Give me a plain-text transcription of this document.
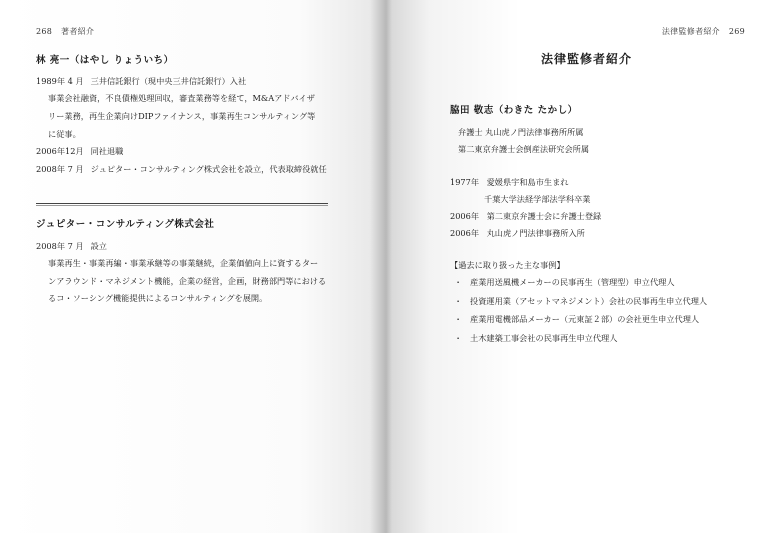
268 著者紹介
林 亮一（はやし りょういち）
1989年 4 月 三井信託銀行（現中央三井信託銀行）入社
事業会社融資，不良債権処理回収，審査業務等を経て，M&Aアドバイザ
リー業務，再生企業向けDIPファイナンス，事業再生コンサルティング等
に従事。
2006年12月 同社退職
2008年 7 月 ジュピター・コンサルティング株式会社を設立，代表取締役就任
ジュピター・コンサルティング株式会社
2008年 7 月 設立
事業再生・事業再編・事業承継等の事業継続，企業価値向上に資するター
ンアラウンド・マネジメント機能，企業の経営，企画，財務部門等における
るコ・ソーシング機能提供によるコンサルティングを展開。
法律監修者紹介 269
法律監修者紹介
脇田 敬志（わきた たかし）
弁護士 丸山虎ノ門法律事務所所属
第二東京弁護士会倒産法研究会所属
1977年 愛媛県宇和島市生まれ
千葉大学法経学部法学科卒業
2006年 第二東京弁護士会に弁護士登録
2006年 丸山虎ノ門法律事務所入所
【過去に取り扱った主な事例】
・ 産業用送風機メーカーの民事再生（管理型）申立代理人
・ 投資運用業（アセットマネジメント）会社の民事再生申立代理人
・ 産業用電機部品メーカー（元東証２部）の会社更生申立代理人
・ 土木建築工事会社の民事再生申立代理人
